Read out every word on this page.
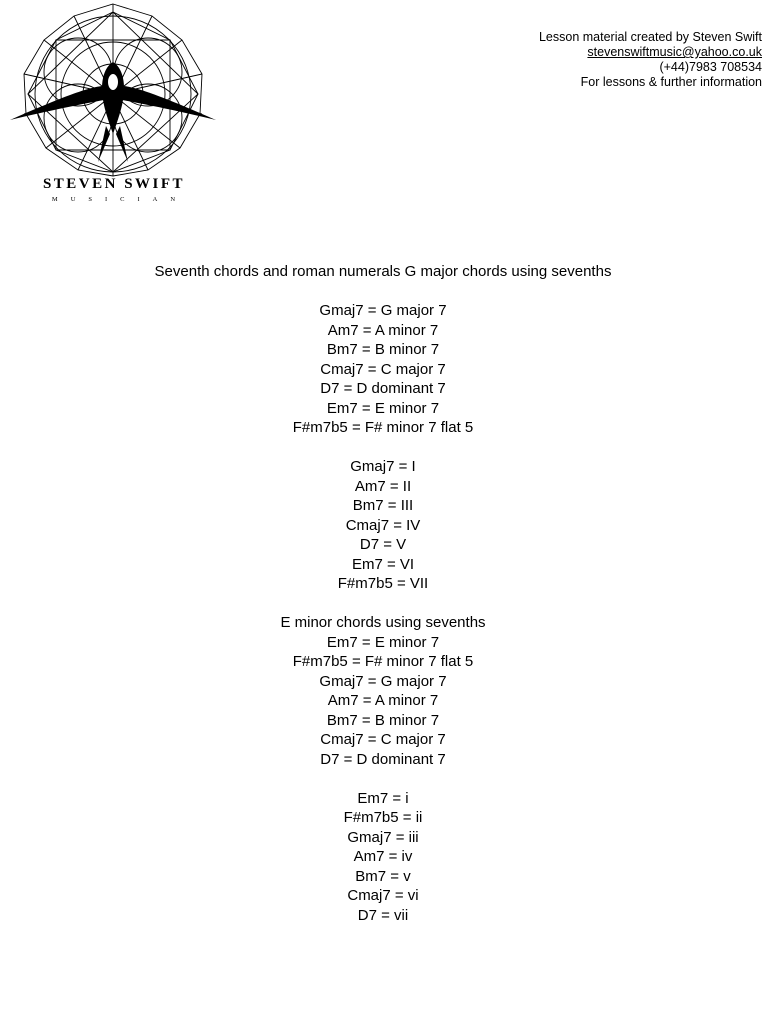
STEVEN SWIFT
MUSICIAN
Lesson material created by Steven Swift
stevenswiftmusic@yahoo.co.uk
(+44)7983 708534
For lessons & further information
Seventh chords and roman numerals G major chords using sevenths
Gmaj7 = G major 7
Am7 = A minor 7
Bm7 = B minor 7
Cmaj7 = C major 7
D7 = D dominant 7
Em7 = E minor 7
F#m7b5 = F# minor 7 flat 5
Gmaj7 = I
Am7 = II
Bm7 = III
Cmaj7 = IV
D7 = V
Em7 = VI
F#m7b5 = VII
E minor chords using sevenths
Em7 = E minor 7
F#m7b5 = F# minor 7 flat 5
Gmaj7 = G major 7
Am7 = A minor 7
Bm7 = B minor 7
Cmaj7 = C major 7
D7 = D dominant 7
Em7 = i
F#m7b5 = ii
Gmaj7 = iii
Am7 = iv
Bm7 = v
Cmaj7 = vi
D7 = vii
